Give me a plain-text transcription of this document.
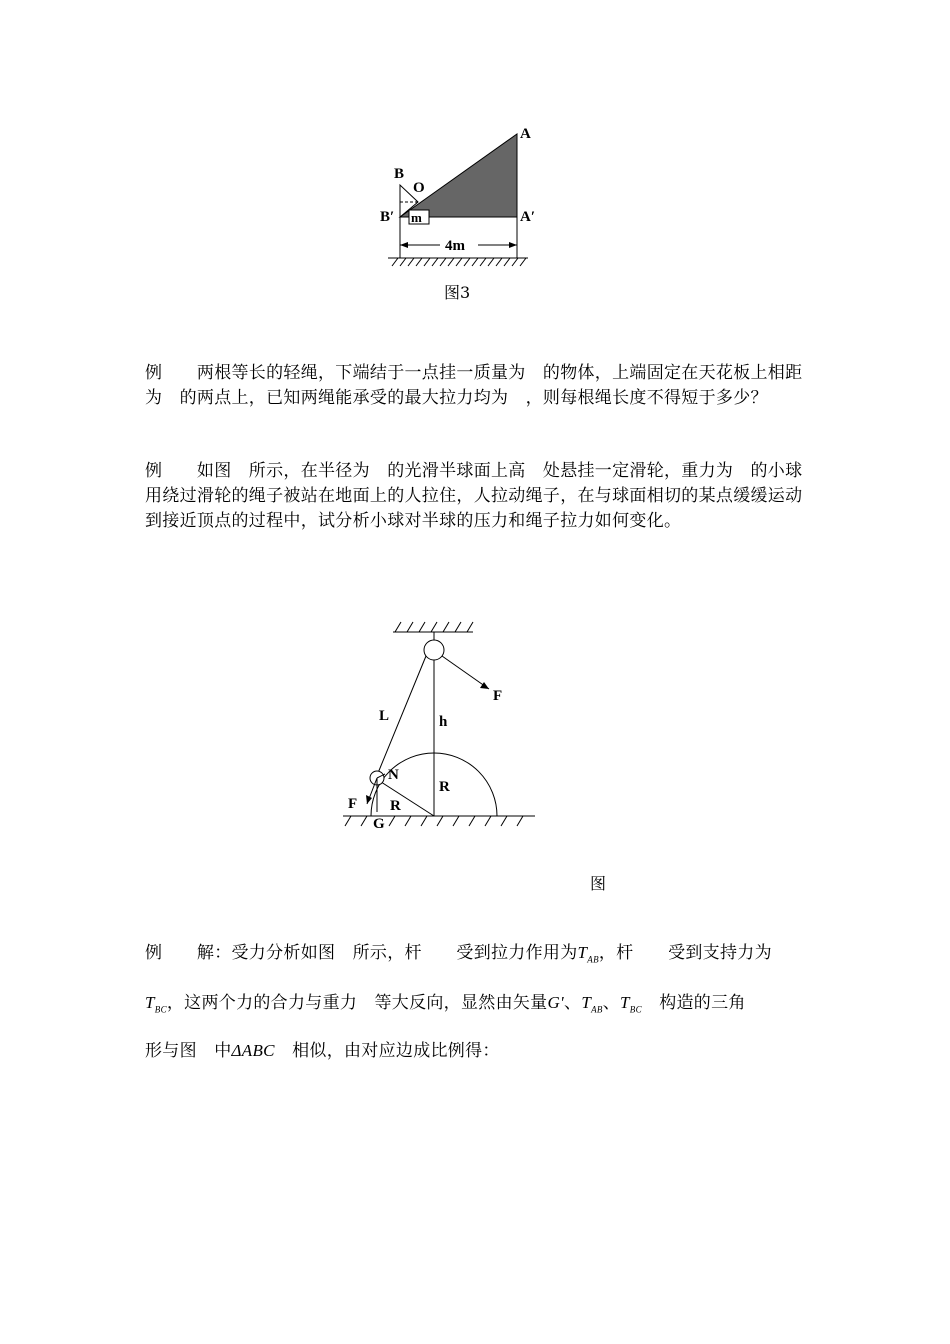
A
B
O
B′ m	A′
4m
图3
例　　两根等长的轻绳，下端结于一点挂一质量为　的物体，上端固定在天花板上相距为　的两点上，已知两绳能承受的最大拉力均为　，则每根绳长度不得短于多少？
例　　如图　所示，在半径为　的光滑半球面上高　处悬挂一定滑轮，重力为　的小球用绕过滑轮的绳子被站在地面上的人拉住，人拉动绳子，在与球面相切的某点缓缓运动到接近顶点的过程中，试分析小球对半球的压力和绳子拉力如何变化。
L	h
F
N
R
F R
G
图
例　　解：受力分析如图　所示，杆　　受到拉力作用为$T_{AB}$，杆　　受到支持力为
$T_{BC}$，这两个力的合力与重力　等大反向，显然由矢量G'、$T_{AB}$、$T_{BC}$　 构造的三角
形与图　中ΔABC　 相似，由对应边成比例得：
